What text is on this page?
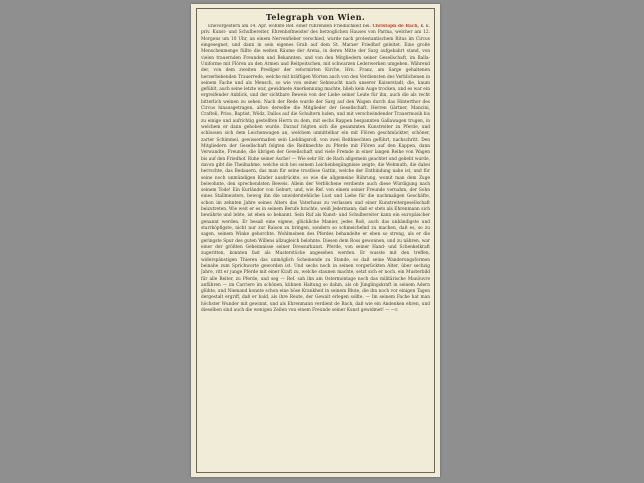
Telegraph von Wien.

Ehevorgestern am 14. Apr. wohnte Ref. einer rührenden Friedlichkeit bei. Christoph de Bach, k. k. priv. Kunst- und Schulbereiter, Ehrenhofmeister des herzoglichen Hauses von Parma, welcher am 12. Morgens um 10 Uhr, an einem Nervenfieber verschied, wurde nach protestantischem Ritus im Circus eingesegnet, und dann in sein eigenes Grab auf dem St. Marxer Friedhof geleitet. Eine große Menschenmenge füllte die weiten Räume der Arena, in deren Mitte der Sarg aufgebahrt stand, von vielen trauernden Freunden und Bekannten, und von den Mitgliedern seiner Gesellschaft, im Balla-Uniforme mit Flören an den Armen und Reitpeitschen, mit schwarzen Lederwerken umgeben. Während der, von dem zweiten Prediger der reformirten Kirche, Hrn. Franz, am Sarge gehaltenen herzerhebenden Trauerrede, welche mit kräftigen Worten auch von den Verdiensten des Verblichenen in seinem Fache und als Mensch, so wie von seiner Sehnsucht nach unserer Kaiserstadt, die, kaum gefühlt, auch seine letzte war, gewidmete Anerkennung machte, blieb kein Auge trocken, und es war ein ergreifender Anblick, und der sichtbare Beweis von der Liebe seiner Leute für ihn, auch die als recht bitterlich weinen zu sehen. Nach der Rede wurde der Sarg auf den Wagen durch das Hinterthor des Circus hinausgetragen, allwo derselbe die Mitglieder der Gesellschaft. Herren Gärtner, Mancini, Crafteli, Priso, Baptist, Wödz, Dallos auf die Schultern luden, und mit verschwindender Trauermusik bis zu einige und aufrichtig gestellten Herrn zu dem, mit sechs Rappen bespannten Gallawagen trugen, in welchem er dann gehoben wurde. Darauf folgten sich die gesammten Kunstreiter zu Pferde, und schlossen sich dem Leichenwagen an, welchem unmittelbar ein mit Flören geschmückter, schöner, zarter Schimmel, gewissermaßen sein Lieblingsroß, von zwei Reitknechten geführt, nachschritt. Den Mitgliedern der Gesellschaft folgten die Reitknechte zu Pferde mit Flören auf den Kappen, dann Verwandte, Freunde, die übrigen der Gesellschaft und viele Fremde in einer langen Reihe von Wagen bis auf den Friedhof. Ruhe seiner Asche! — Wie sehr Hr. de Bach allgemein geachtet und geliebt wurde, davon gibt die Theilnahme, welche sich bei seinem Leichenbegängnisse zeigte, die Wehmuth, die dabei herrschte, das Bedauern, das man für seine trostlose Gattin, welche der Entbindung nahe ist, und für seine noch unmündigen Kinder ausdrückte, so wie die allgemeine Rührung, womit man dem Zuge beiwohnte, den sprechendsten Beweis. Allein der Verblichene verdiente auch diese Würdigung nach seinem Tode! Ein Kurländer von Geburt, und, wie Ref. von einem seiner Freunde vernahm, der Sohn eines Stallmeisters, bewog ihn die unwiderstehliche Lust und Liebe für die nachmaligen Geschäfte, schon im zehnten Jahre seines Alters das Vaterhaus zu verlassen und einer Kunstreitergesellschaft beizutreten. Wie weit er es in seinem Berufe brachte, weiß Jedermann; daß er stets als Ehrenmann sich bewährte und lebte, ist eben so bekannt. Sein Ruf als Kunst- und Schulbereiter kann ein europäischer genannt werden. Er besaß eine eigene, glückliche Manier, jedes Roß, auch das unbändigste und starrköpfigste, nicht nur zur Raison zu bringen, sondern so schmeichelnd zu machen, daß es, so zu sagen, seinem Winke gehorchte. Wohlmeinen des Pferdes behandelte er eben so streng, als er die geringste Spur des guten Willens allzugleich belohnte. Diesen dem Ross gewonnen, und zu nähren, war einer der größten Geheimnisse seiner Dressurkunst. Pferde, von seiner Hand- und Schenkelkraft zugeritten, konnten fast als Musterstücke angesehen werden. Er wusste mit den treffen, widerspänstigen Thieren das unmöglich Scheinende zu Stande, so daß seine Wanderungsformen beinahe zum Sprichworte geworden ist. Und sechs noch in seinen vorgerückten Alter, über sechzig Jahre, ritt er junge Pferde mit einer Kraft zu, welche staunen machte, setzt sich er noch, ein Musterbild für alle Reiter, zu Pferde, und seg — Ref. sah ihn am Ostermontage noch das militärische Manöuvre anführen — im Carriere im schönen, kühnen Haltung so dahin, als ob Jünglingskraft in seinem Adern glühte, und Niemand konnte schon eine böse Krankheit in seinem Blute, die ihn noch vor einigen Tagen dergestalt ergriff, daß er bald, als ihre Reute, der Gewalt erlegen sollte. — Im seinem Fache hat man höchster Wunder mit gewinnt, und als Ehrenmann verdient de Bach, daß wie ein Andenken ehren, und dieselben sind auch die wenigen Zeilen von einem Freunde seiner Kunst gewidmet! — —r.
